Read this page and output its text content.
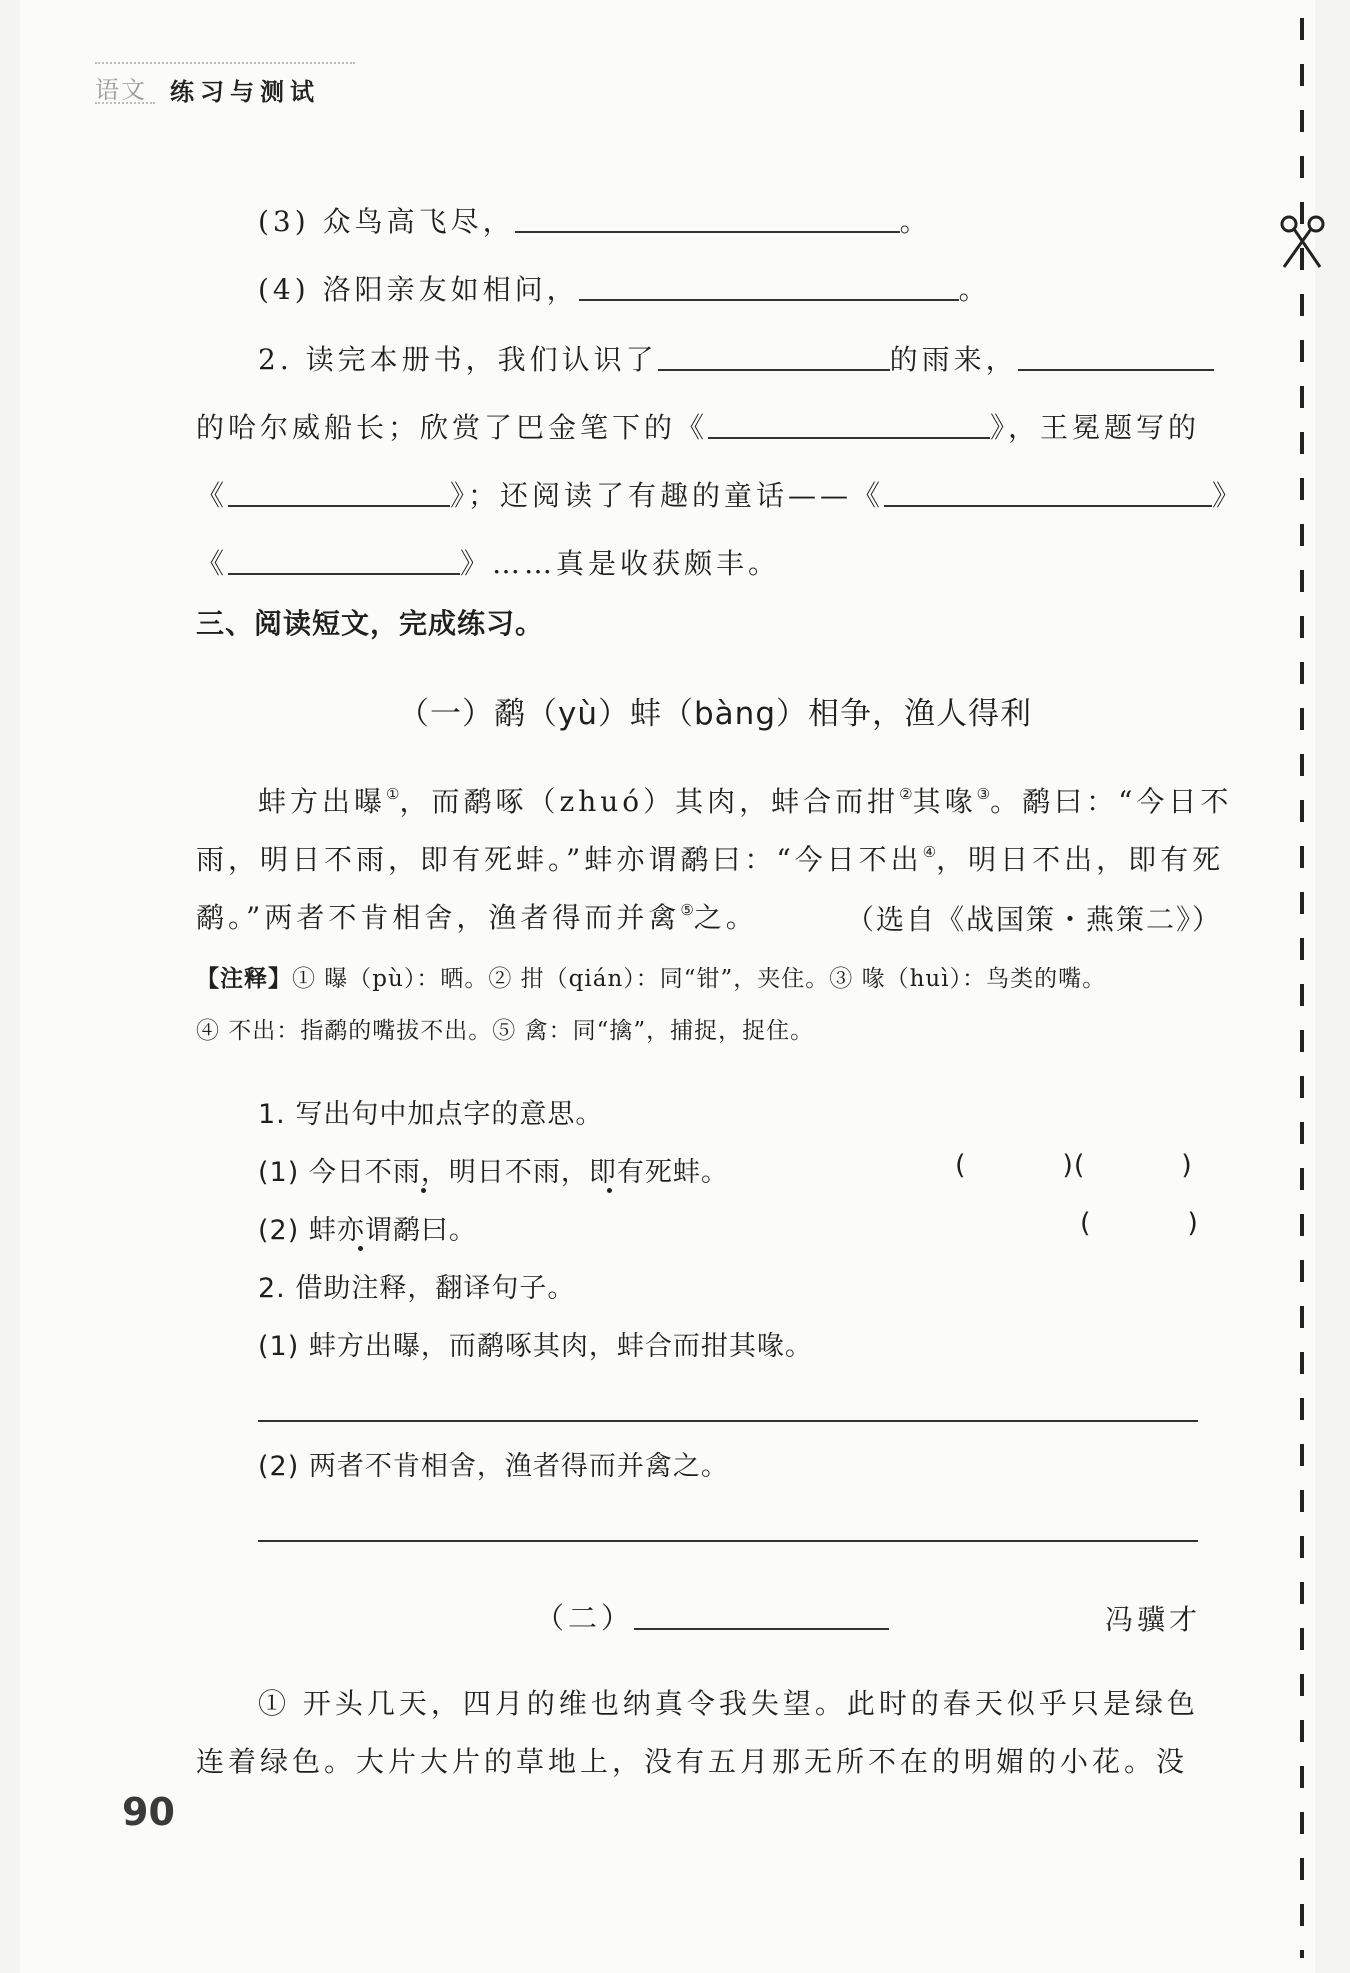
语文 练习与测试
(3) 众鸟高飞尽，	。
(4) 洛阳亲友如相问，	。
2. 读完本册书，我们认识了	的雨来，
的哈尔威船长；欣赏了巴金笔下的《	》，王冕题写的
《	》；还阅读了有趣的童话——《	》
《	》……真是收获颇丰。
三、阅读短文，完成练习。
（一）鹬（yù）蚌（bàng）相争，渔人得利
蚌方出曝①，而鹬啄（zhuó）其肉，蚌合而拑②其喙③。鹬曰：“今日不
雨，明日不雨，即有死蚌。”蚌亦谓鹬曰：“今日不出④，明日不出，即有死
鹬。”两者不肯相舍，渔者得而并禽⑤之。	（选自《战国策・燕策二》）
【注释】① 曝（pù）：晒。② 拑（qián）：同“钳”，夹住。③ 喙（huì）：鸟类的嘴。
④ 不出：指鹬的嘴拔不出。⑤ 禽：同“擒”，捕捉，捉住。
1. 写出句中加点字的意思。
(1) 今日不雨，明日不雨，即有死蚌。	(          )(          )
(2) 蚌亦谓鹬曰。	(          )
2. 借助注释，翻译句子。
(1) 蚌方出曝，而鹬啄其肉，蚌合而拑其喙。
(2) 两者不肯相舍，渔者得而并禽之。
（二）	冯骥才
① 开头几天，四月的维也纳真令我失望。此时的春天似乎只是绿色
连着绿色。大片大片的草地上，没有五月那无所不在的明媚的小花。没
90
